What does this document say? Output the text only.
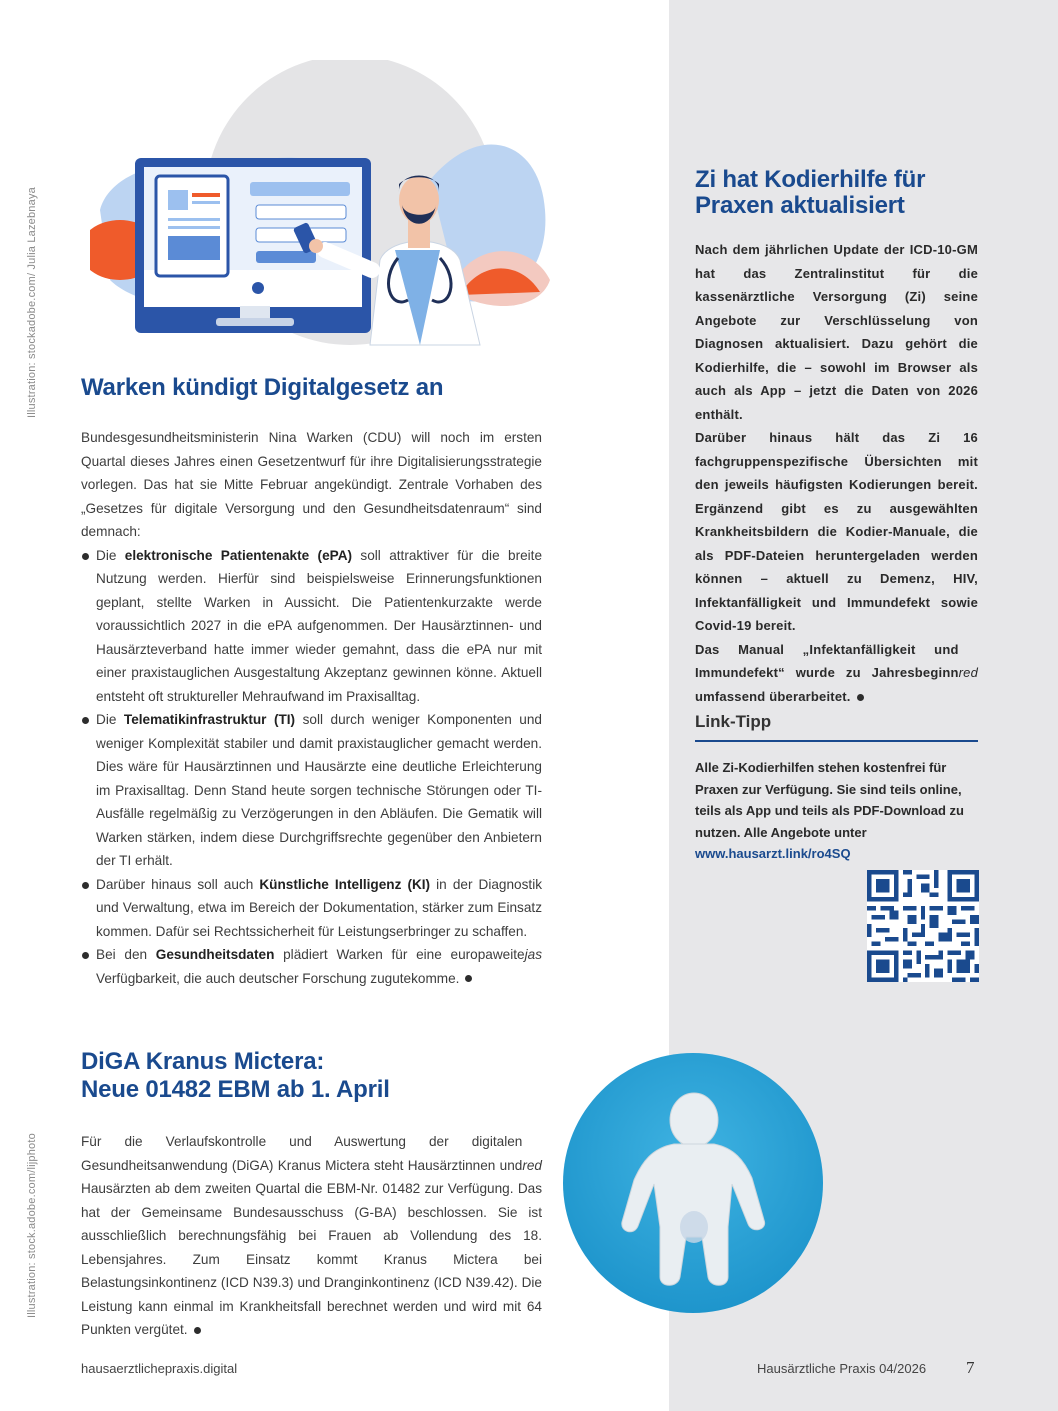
Illustration: stockadobe.com/ Julia Lazebnaya
Illustration: stock.adobe.com/lijphoto
Warken kündigt Digitalgesetz an

Bundesgesundheitsministerin Nina Warken (CDU) will noch im ersten Quartal dieses Jahres einen Gesetzentwurf für ihre Digitalisierungsstrategie vorlegen. Das hat sie Mitte Februar angekündigt. Zentrale Vorhaben des „Gesetzes für digitale Versorgung und den Gesundheitsdatenraum“ sind demnach:

Die elektronische Patientenakte (ePA) soll attraktiver für die breite Nutzung werden. Hierfür sind beispielsweise Erinnerungsfunktionen geplant, stellte Warken in Aussicht. Die Patientenkurzakte werde voraussichtlich 2027 in die ePA aufgenommen. Der Hausärztinnen- und Hausärzteverband hatte immer wieder gemahnt, dass die ePA nur mit einer praxistauglichen Ausgestaltung Akzeptanz gewinnen könne. Aktuell entsteht oft struktureller Mehraufwand im Praxisalltag.
Die Telematikinfrastruktur (TI) soll durch weniger Komponenten und weniger Komplexität stabiler und damit praxistauglicher gemacht werden. Dies wäre für Hausärztinnen und Hausärzte eine deutliche Erleichterung im Praxisalltag. Denn Stand heute sorgen technische Störungen oder TI-Ausfälle regelmäßig zu Verzögerungen in den Abläufen. Die Gematik will Warken stärken, indem diese Durchgriffsrechte gegenüber den Anbietern der TI erhält.
Darüber hinaus soll auch Künstliche Intelligenz (KI) in der Diagnostik und Verwaltung, etwa im Bereich der Dokumentation, stärker zum Einsatz kommen. Dafür sei Rechtssicherheit für Leistungserbringer zu schaffen.
jas
Bei den Gesundheitsdaten plädiert Warken für eine europaweite Verfügbarkeit, die auch deutscher Forschung zugutekomme.
DiGA Kranus Mictera:
Neue 01482 EBM ab 1. April

red
Für die Verlaufskontrolle und Auswertung der digitalen Gesundheitsanwendung (DiGA) Kranus Mictera steht Hausärztinnen und Hausärzten ab dem zweiten Quartal die EBM-Nr. 01482 zur Verfügung. Das hat der Gemeinsame Bundesausschuss (G-BA) beschlossen. Sie ist ausschließlich berechnungsfähig bei Frauen ab Vollendung des 18. Lebensjahres. Zum Einsatz kommt Kranus Mictera bei Belastungsinkontinenz (ICD N39.3) und Dranginkontinenz (ICD N39.42). Die Leistung kann einmal im Krankheitsfall berechnet werden und wird mit 64 Punkten vergütet.

Zi hat Kodierhilfe für
Praxen aktualisiert

Nach dem jährlichen Update der ICD-10-GM hat das Zentralinstitut für die kassenärztliche Versorgung (Zi) seine Angebote zur Verschlüsselung von Diagnosen aktualisiert. Dazu gehört die Kodierhilfe, die – sowohl im Browser als auch als App – jetzt die Daten von 2026 enthält.

Darüber hinaus hält das Zi 16 fachgruppenspezifische Übersichten mit den jeweils häufigsten Kodierungen bereit. Ergänzend gibt es zu ausgewählten Krankheitsbildern die Kodier-Manuale, die als PDF-Dateien heruntergeladen werden können – aktuell zu Demenz, HIV, Infektanfälligkeit und Immundefekt sowie Covid-19 bereit.

red
Das Manual „Infektanfälligkeit und Immundefekt“ wurde zu Jahresbeginn umfassend überarbeitet.

Link-Tipp
Alle Zi-Kodierhilfen stehen kostenfrei für Praxen zur Verfügung. Sie sind teils online, teils als App und teils als PDF-Download zu nutzen. Alle Angebote unter
www.hausarzt.link/ro4SQ
hausaerztlichepraxis.digital	Hausärztliche Praxis 04/2026 7
